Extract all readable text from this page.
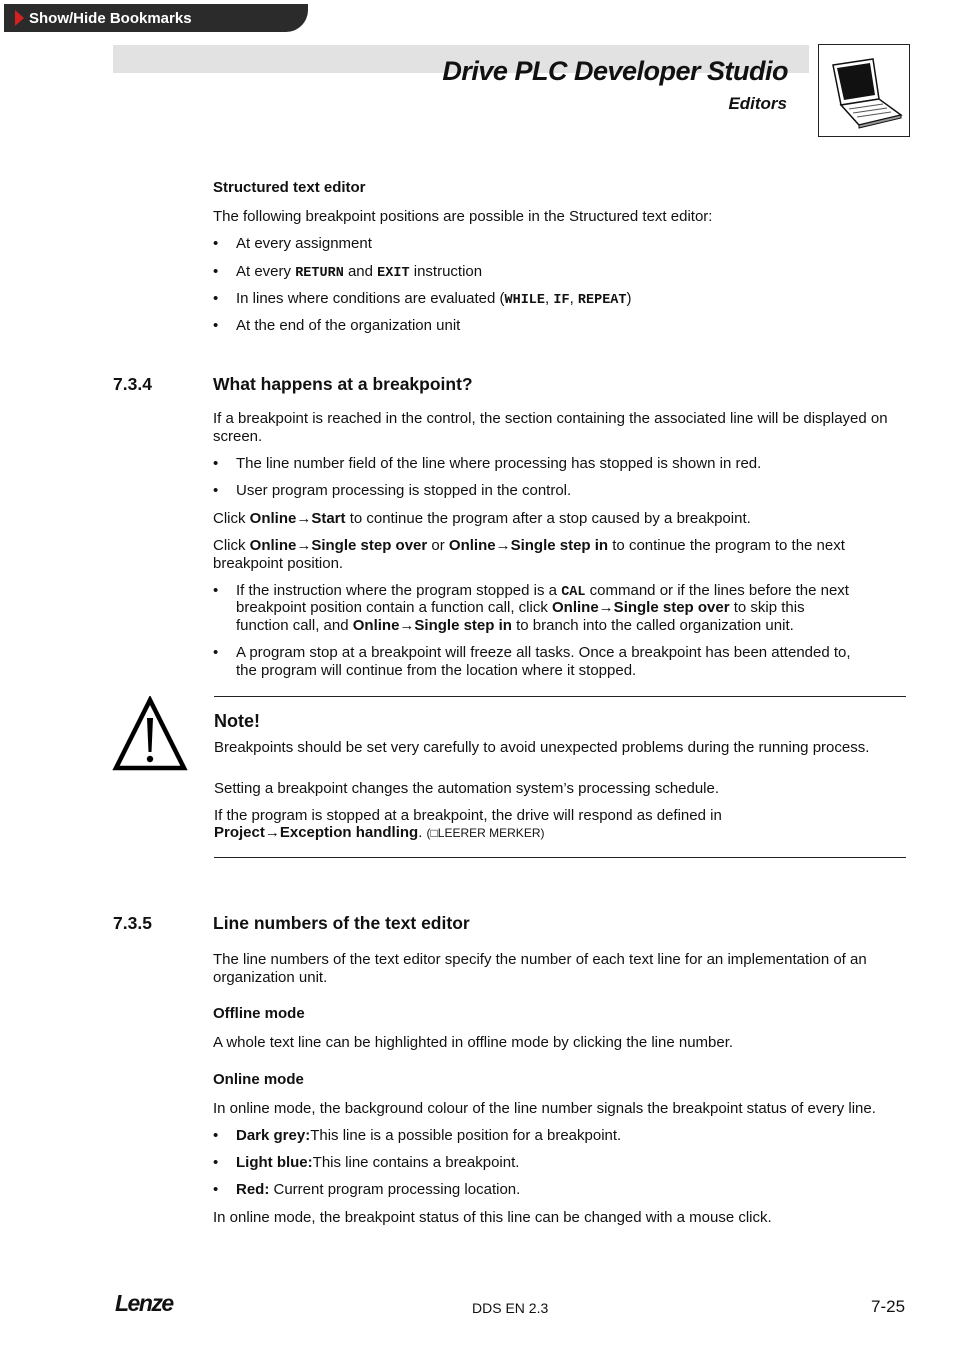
Show/Hide Bookmarks
Drive PLC Developer Studio
Editors
Structured text editor
The following breakpoint positions are possible in the Structured text editor:
• At every assignment
• At every RETURN and EXIT instruction
• In lines where conditions are evaluated (WHILE, IF, REPEAT)
• At the end of the organization unit
7.3.4	What happens at a breakpoint?
If a breakpoint is reached in the control, the section containing the associated line will be displayed on screen.
• The line number field of the line where processing has stopped is shown in red.
• User program processing is stopped in the control.
Click Online→Start to continue the program after a stop caused by a breakpoint.
Click Online→Single step over or Online→Single step in to continue the program to the next breakpoint position.
• If the instruction where the program stopped is a CAL command or if the lines before the next
breakpoint position contain a function call, click Online→Single step over to skip this
function call, and Online→Single step in to branch into the called organization unit.
• A program stop at a breakpoint will freeze all tasks. Once a breakpoint has been attended to,
the program will continue from the location where it stopped.
Note!
Breakpoints should be set very carefully to avoid unexpected problems during the running process.
Setting a breakpoint changes the automation system’s processing schedule.
If the program is stopped at a breakpoint, the drive will respond as defined in
Project→Exception handling. (□LEERER MERKER)
7.3.5	Line numbers of the text editor
The line numbers of the text editor specify the number of each text line for an implementation of an organization unit.
Offline mode
A whole text line can be highlighted in offline mode by clicking the line number.
Online mode
In online mode, the background colour of the line number signals the breakpoint status of every line.
• Dark grey:This line is a possible position for a breakpoint.
• Light blue:This line contains a breakpoint.
• Red: Current program processing location.
In online mode, the breakpoint status of this line can be changed with a mouse click.
Lenze	DDS EN 2.3	7-25
